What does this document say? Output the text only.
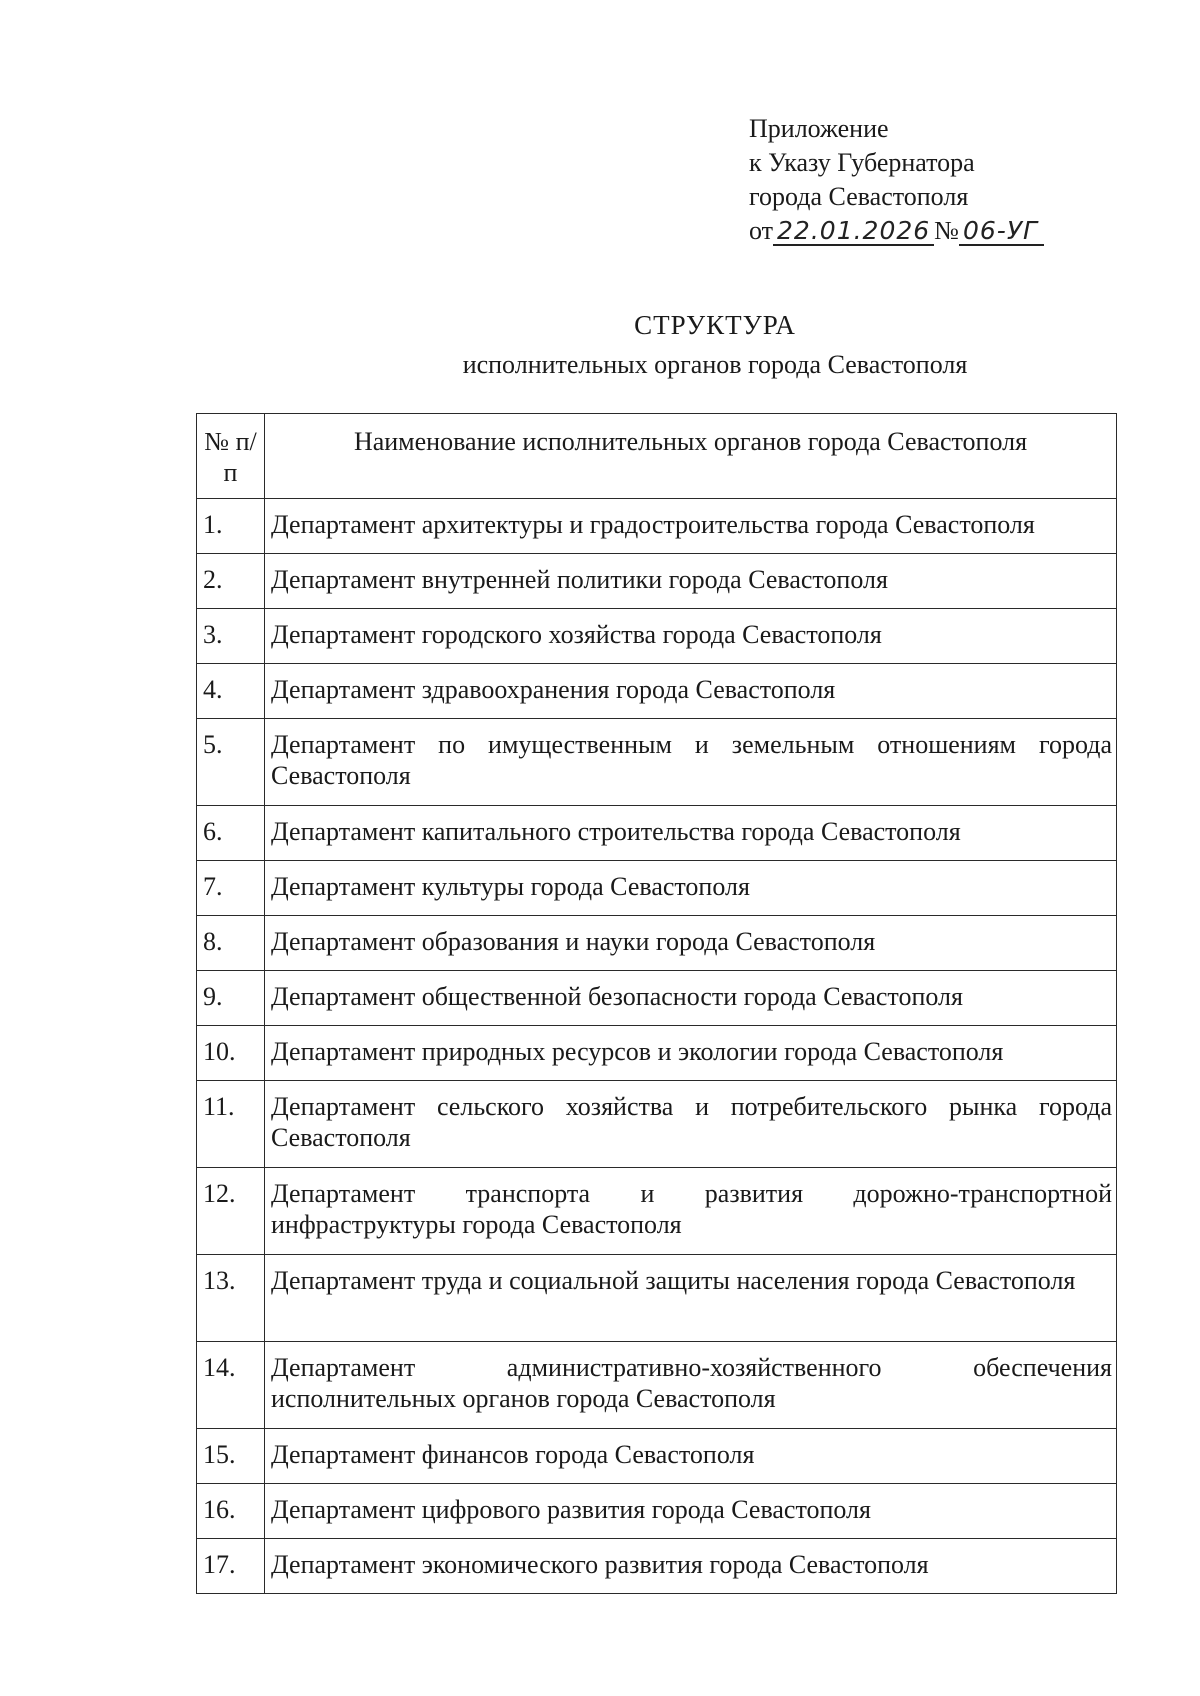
Приложение
к Указу Губернатора
города Севастополя
от 22.01.2026 № 06-УГ
СТРУКТУРА
исполнительных органов города Севастополя
№ п/п	Наименование исполнительных органов города Севастополя
1.	Департамент архитектуры и градостроительства города Севастополя
2.	Департамент внутренней политики города Севастополя
3.	Департамент городского хозяйства города Севастополя
4.	Департамент здравоохранения города Севастополя
5.	Департамент по имущественным и земельным отношениям города Севастополя
6.	Департамент капитального строительства города Севастополя
7.	Департамент культуры города Севастополя
8.	Департамент образования и науки города Севастополя
9.	Департамент общественной безопасности города Севастополя
10.	Департамент природных ресурсов и экологии города Севастополя
11.	Департамент сельского хозяйства и потребительского рынка города Севастополя
12.	Департамент транспорта и развития дорожно-транспортной инфраструктуры города Севастополя
13.	Департамент труда и социальной защиты населения города Севастополя
14.	Департамент административно-хозяйственного обеспечения исполнительных органов города Севастополя
15.	Департамент финансов города Севастополя
16.	Департамент цифрового развития города Севастополя
17.	Департамент экономического развития города Севастополя
